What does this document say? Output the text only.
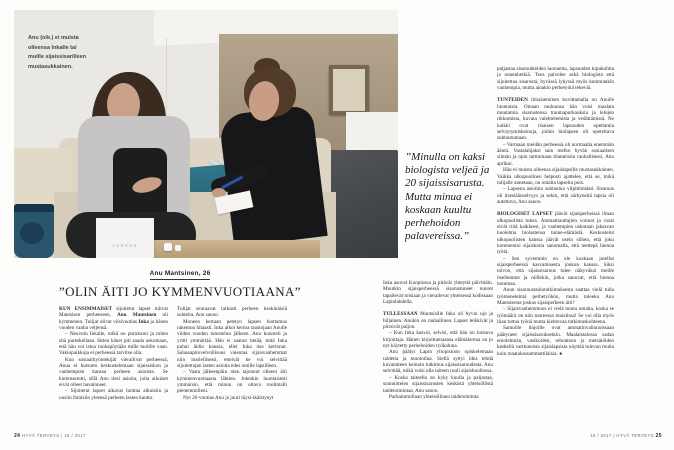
TORRES
Anu (oik.) ei muista olleensa Inkalle tai muille sijaissisarilleen mustasukkainen.
Anu Mantsinen, 26
”OLIN ÄITI JO KYMMENVUOTIAANA”

KUN ENSIMMÄISET sijoitetut lapset tulivat Mantsisen perheeseen, Anu Mantsinen oli kymmenen. Tulijat olivat viisivuotias Inka ja hänen vuoden vanha veljensä.

– Neuvoin Inkalle, mikä on purukumi ja miten sitä pureskellaan. Sitten hänet piti saada uskomaan, että hän voi istua ruokapöytään mille tuolille vaan. Vakiopaikkoja ei perheessä tarvitse olla.

Kun sosiaalityöntekijät vierailivat perheessä, Anua ei kutsuttu keskustelemaan sijaissiskon ja vanhempien kanssa perheen asioista. Se kummastutti, sillä Anu tiesi asioita, joita aikuiset eivät olleet havainneet.

– Sijoitetut lapset alkavat luottaa aikuisiin ja uusiin ihmisiin yleensä perheen lasten kautta.

Tulijat seuraavat tarkasti perheen keskinäisiä suhteita, Anu sanoo.

Moneen kertaan petetyn lapsen luottamus rakentuu hitaasti. Inka alkoi kertoa taustojaan Anulle viiden vuoden tutustelun jälkeen. Anu kuunteli ja yritti ymmärtää. Hän ei saanut tietää, mitä Inka puhui äidin kanssa, ellei Inka itse kertonut. Salassapitovelvollisuus vaientaa sijaisvanhemmat niin huolellisesti, etteivät he voi selvittää sijoitettujen lasten asioita edes omille lapsilleen.

– Vasta jälkeenpäin olen tajunnut olleeni äiti kymmenvuotiaasta lähtien. Jotenkin luontaisesti ymmärsin, että minun on oltava roolimalli pienemmilleni.

Nyt 26-vuotias Anu ja juuri täysi-ikäistynyt

”Minulla on kaksi biologista veljeä ja 20 sijaissisarusta. Mutta minua ei koskaan kuultu perhehoidon palavereissa.”

Inka asuvat Kuopiossa ja pitävät yhteyttä päivittäin. Muutkin sijaisperheessä sisarustuneet nuoret tapailevat toisiaan ja vierailevat yhteisessä kodissaan Lapinlahdella.

TULLESSAAN Mantsisille Inka oli hyvin ujo ja hiljainen. Anukin on rauhallinen. Lapset leikkivät ja piirsivät paljon.

– Kun Inka kasvoi, selvisi, että hän on loistava kirjoittaja. Hänen kirjoittamaansa elämäkertaa on jo nyt käytetty perhehoidon työkaluna.

Anu päätyi Lapin yliopistoon opiskelemaan taidetta ja muotoilua. Siellä syttyi idea tehdä kuvataiteen keinoin tutkimus sijaissisaruudesta. Anu selvittää, mikä voisi olla taiteen rooli sijaishuollossa.

– Koska taiteella on kyky kuulla ja paljastaa, suunnittelen sijaissisarusten keskistä yhteisöllistä taidetoimintaa, Anu sanoo.

Parhaimmillaan yhteisöllinen taidetoiminta

paljastaa sisarsuhteiden luonnetta, lapsuuden kipukohtia ja onnenhetkiä. Teos palvelee sekä biologista että sijoitettua sisarusta, hyvässä lykyssä myös kummankin vanhempia, mutta ainakin perhetyötä tekeviä.

TUNTEIDEN ilmaiseminen kuvittamalla on Anulle luontaista. Omaan tauluunsa hän voisi maalata muutamia sisarustensa traumapurkauksia ja lelujen rikkomista, kuvata valehtelemista ja vedättämistä. Ne kaikki ovat risaisen lapsuuden opettamia selviytymiskeinoja, joihin biolapsen oli opeteltava suhtautumaan.

– Varmaan meidän perheessä oli normaalia enemmän ääntä. Vastalahjaksi sain melko hyvän sosiaalisen silmän ja opin tarttumaan tilanteisiin rauhallisesti, Anu aprikoi.

Hän ei muista olleensa sijaislapsille mustasukkainen. Vaikka ulkopuolinen helposti ajattelee, että se, mikä tulijalle annetaan, on omalta lapselta pois.

– Lapsena asioihin suhtautuu vilpittömästi. Sisaruus oli itsestäänselvyys ja sekin, että särkyneitä lapsia oli autettava, Anu sanoo.

BIOLOGISET LAPSET jäävät sijaisperheissä ilman ulkopuolista tukea. Ammattiauttajien voimat ja varat eivät riitä kaikkeen, ja vanhempien uskotaan jaksavan huolehtia biolastensa tunne-elämästä. Keskustelut ulkopuolisten kanssa jäävät usein siihen, että joku kommentoi sijaiskotia sanomalla, että teettepä hienoa työtä.

– Sen syvemmin en ole koskaan jutellut sijaisperheessä kasvamisesta jonkun kanssa. Siksi toivon, että sijaissisaruus tulee näkyväksi meille itsellemme ja niillekin, jotka sanovat, että hienoa hommaa.

Anun sisaruustaulututkimuksesta saattaa vielä tulla työmenetelmä perhetyöhön, mutta tuleeko Anu Mantsisesta joskus sijaisperheen äiti?

– Sijaisvanhemmuus ei vielä tunnu omalta, koska se työmäärä on niin tuoreessa muistissa! Se voi olla myös liian tuttua työnä mutta kiehtovaa tutkimuskohteena.

Samoille linjoille ovat ammatinvalinnoissaan päätyneet sijaissisaruksetkin. Maalaistalossa sadan emolehmän, vasikoiden, rehunteon ja metsätöiden keskellä varttuneista sijaislapsista näyttää tulevan muita kuin maatalousammattilaisia. ●

24 HYVÄ TERVEYS | 16 / 2017	16 / 2017 | HYVÄ TERVEYS 25
